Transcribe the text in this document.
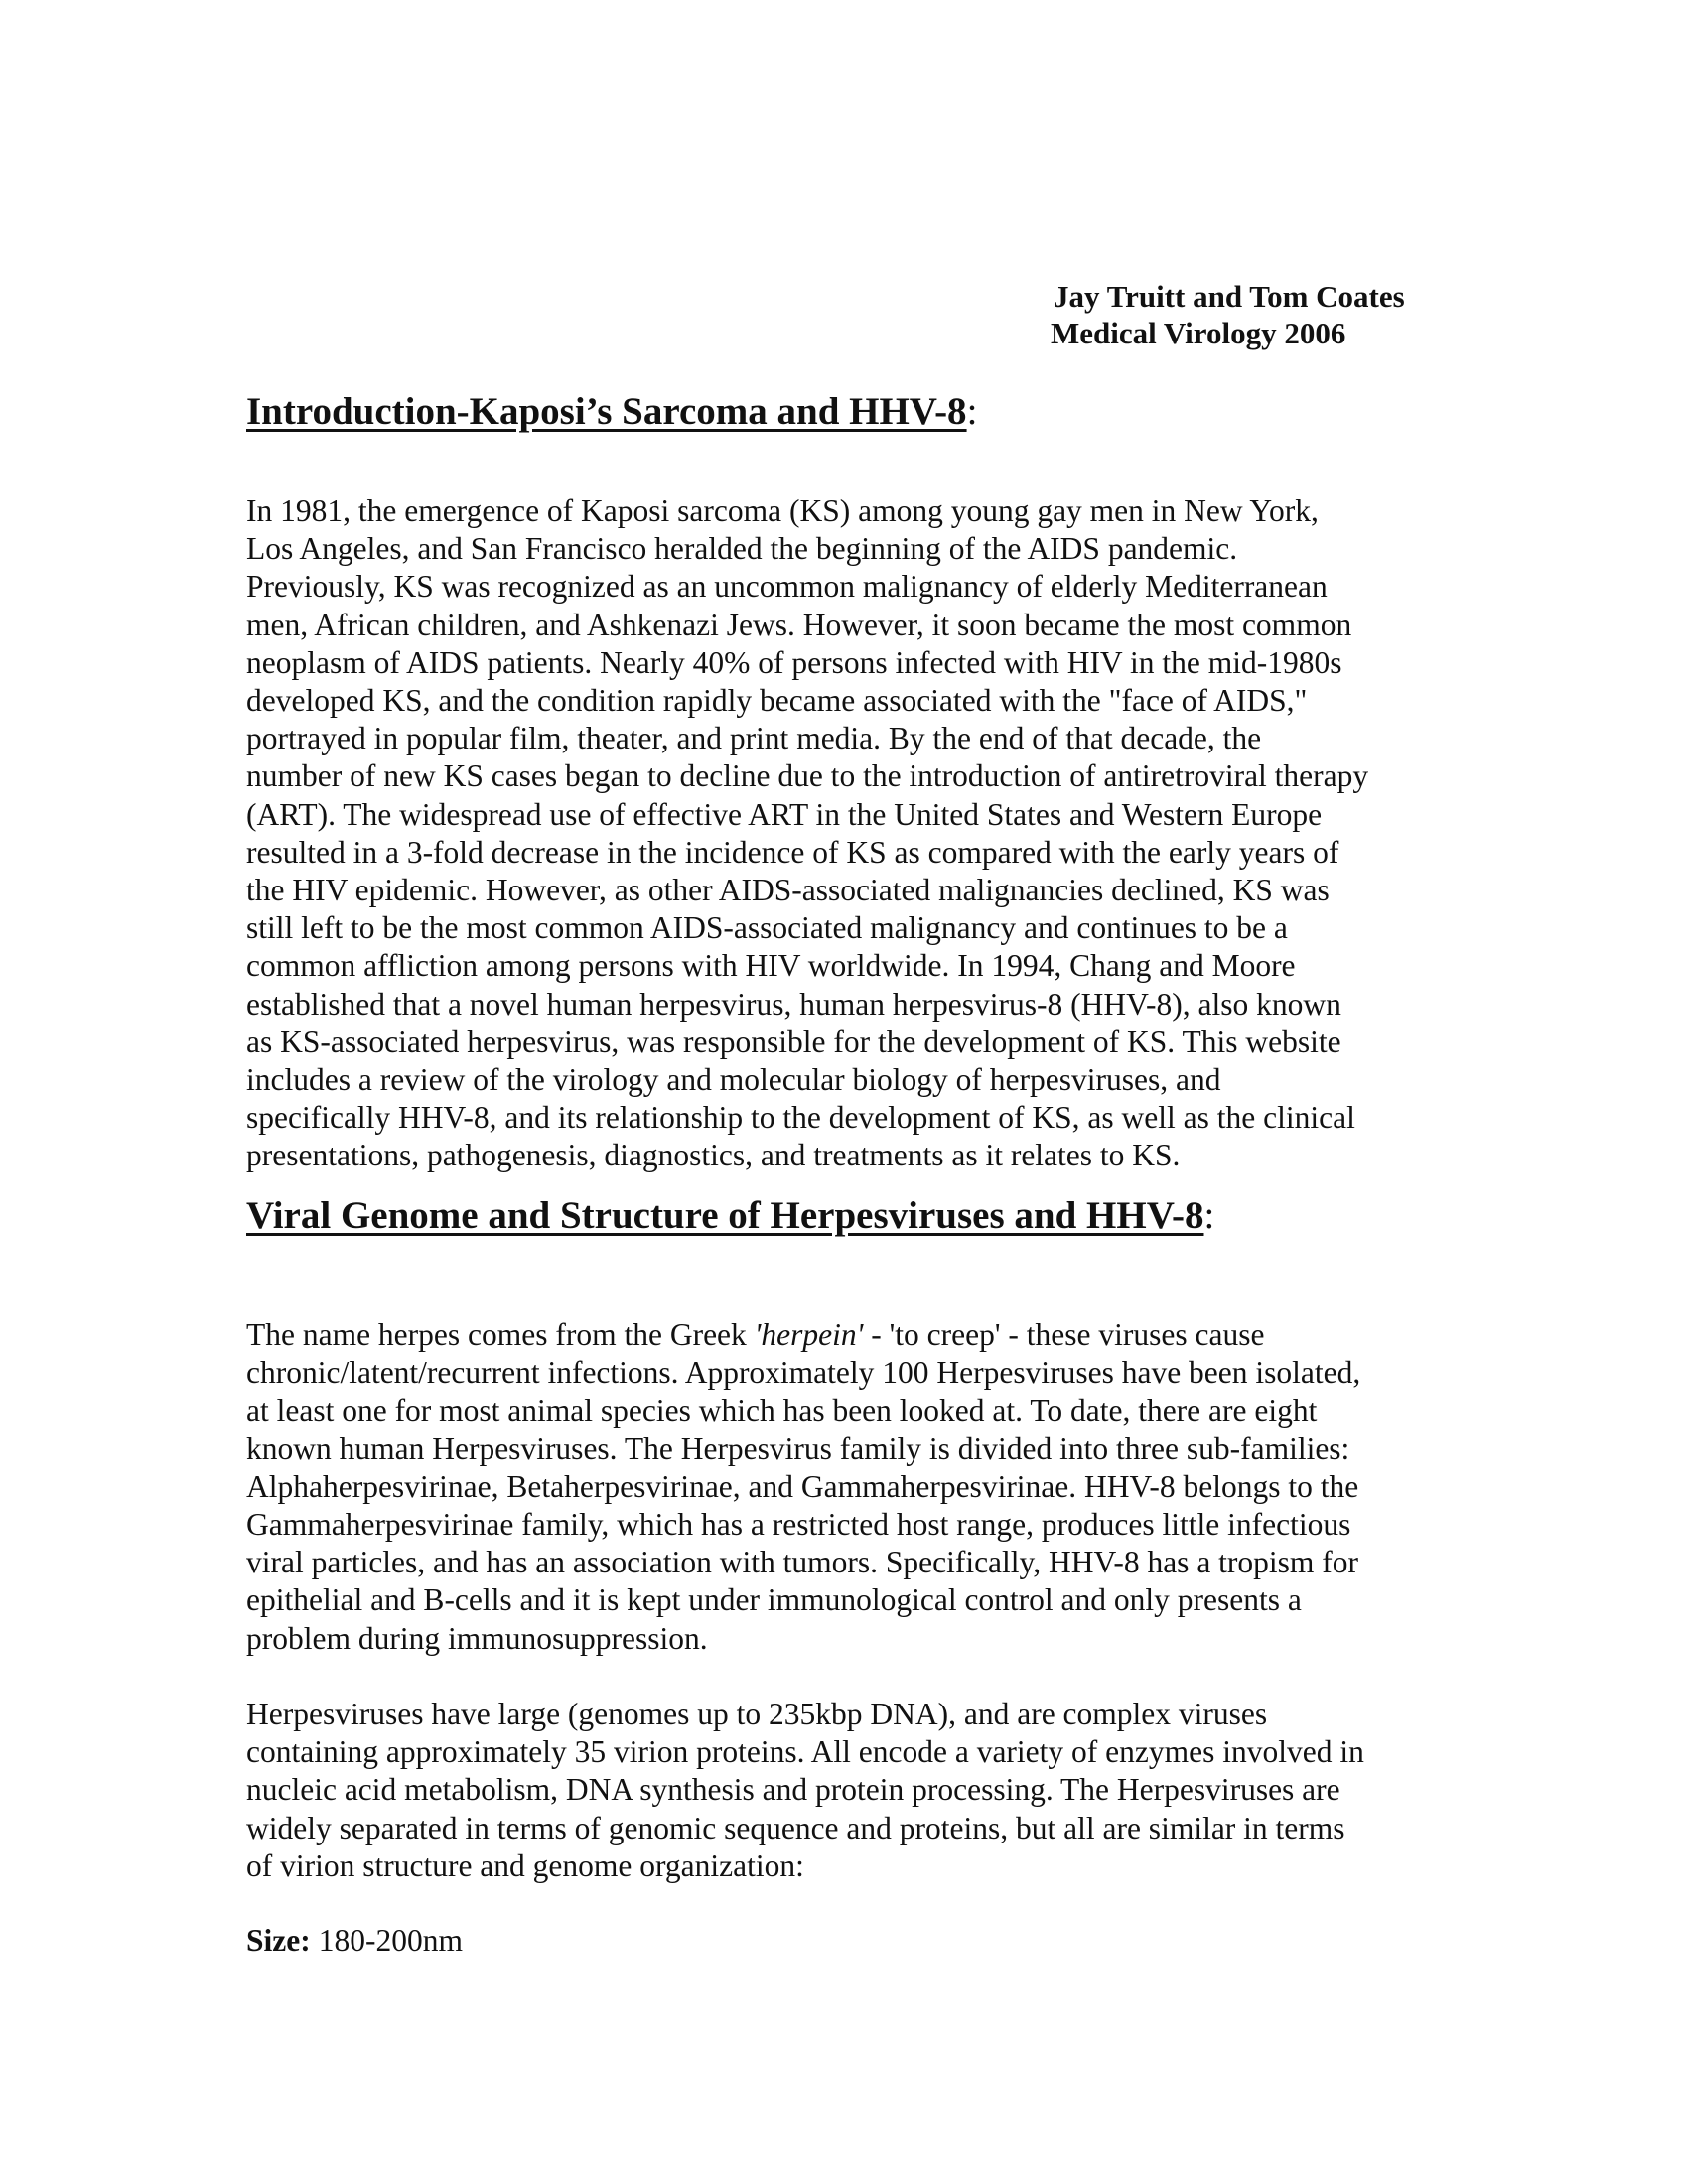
Jay Truitt and Tom Coates
Medical Virology 2006
Introduction-Kaposi’s Sarcoma and HHV-8:

In 1981, the emergence of Kaposi sarcoma (KS) among young gay men in New York,
Los Angeles, and San Francisco heralded the beginning of the AIDS pandemic.
Previously, KS was recognized as an uncommon malignancy of elderly Mediterranean
men, African children, and Ashkenazi Jews. However, it soon became the most common
neoplasm of AIDS patients. Nearly 40% of persons infected with HIV in the mid-1980s
developed KS, and the condition rapidly became associated with the "face of AIDS,"
portrayed in popular film, theater, and print media. By the end of that decade, the
number of new KS cases began to decline due to the introduction of antiretroviral therapy
(ART). The widespread use of effective ART in the United States and Western Europe
resulted in a 3-fold decrease in the incidence of KS as compared with the early years of
the HIV epidemic. However, as other AIDS-associated malignancies declined, KS was
still left to be the most common AIDS-associated malignancy and continues to be a
common affliction among persons with HIV worldwide. In 1994, Chang and Moore
established that a novel human herpesvirus, human herpesvirus-8 (HHV-8), also known
as KS-associated herpesvirus, was responsible for the development of KS. This website
includes a review of the virology and molecular biology of herpesviruses, and
specifically HHV-8, and its relationship to the development of KS, as well as the clinical
presentations, pathogenesis, diagnostics, and treatments as it relates to KS.

Viral Genome and Structure of Herpesviruses and HHV-8:

The name herpes comes from the Greek 'herpein' - 'to creep' - these viruses cause
chronic/latent/recurrent infections. Approximately 100 Herpesviruses have been isolated,
at least one for most animal species which has been looked at. To date, there are eight
known human Herpesviruses. The Herpesvirus family is divided into three sub-families:
Alphaherpesvirinae, Betaherpesvirinae, and Gammaherpesvirinae. HHV-8 belongs to the
Gammaherpesvirinae family, which has a restricted host range, produces little infectious
viral particles, and has an association with tumors. Specifically, HHV-8 has a tropism for
epithelial and B-cells and it is kept under immunological control and only presents a
problem during immunosuppression.

Herpesviruses have large (genomes up to 235kbp DNA), and are complex viruses
containing approximately 35 virion proteins. All encode a variety of enzymes involved in
nucleic acid metabolism, DNA synthesis and protein processing. The Herpesviruses are
widely separated in terms of genomic sequence and proteins, but all are similar in terms
of virion structure and genome organization:

Size: 180-200nm
